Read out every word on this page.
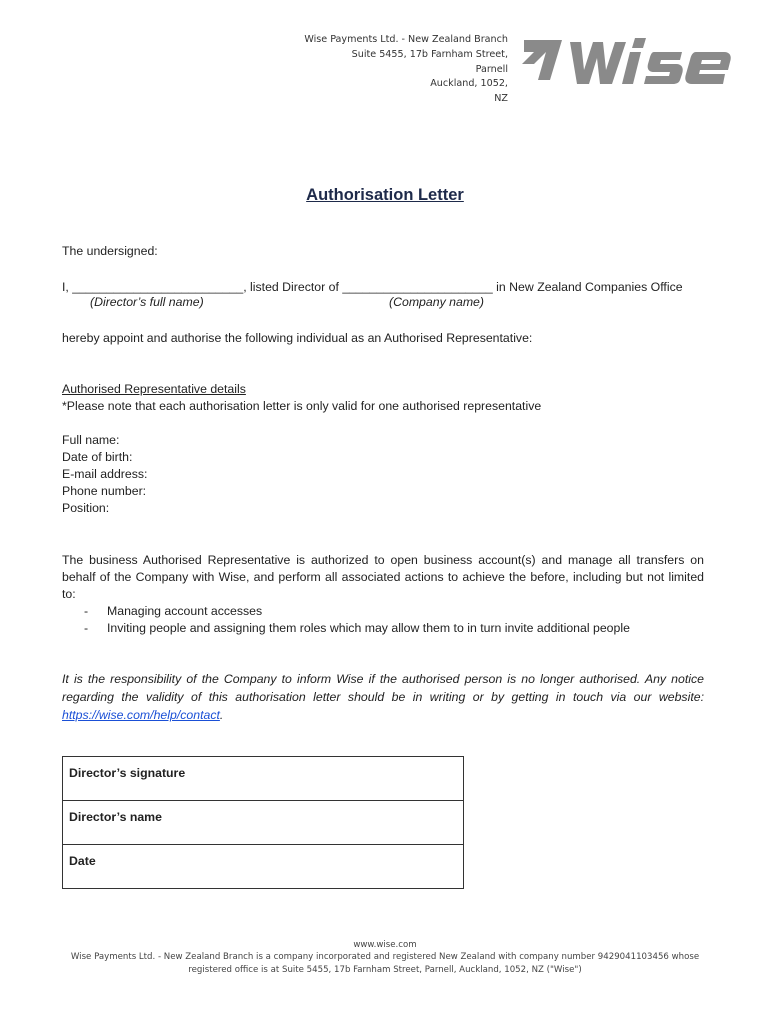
Wise Payments Ltd. - New Zealand Branch
Suite 5455, 17b Farnham Street,
Parnell
Auckland, 1052,
NZ
Authorisation Letter
The undersigned:
I, _________________________, listed Director of ______________________ in New Zealand Companies Office
(Director’s full name)	(Company name)
hereby appoint and authorise the following individual as an Authorised Representative:
Authorised Representative details
*Please note that each authorisation letter is only valid for one authorised representative
Full name:
Date of birth:
E-mail address:
Phone number:
Position:
The business Authorised Representative is authorized to open business account(s) and manage all transfers on behalf of the Company with Wise, and perform all associated actions to achieve the before, including but not limited to:
-	Managing account accesses
-	Inviting people and assigning them roles which may allow them to in turn invite additional people
It is the responsibility of the Company to inform Wise if the authorised person is no longer authorised. Any notice regarding the validity of this authorisation letter should be in writing or by getting in touch via our website: https://wise.com/help/contact.
Director’s signature
Director’s name
Date
www.wise.com
Wise Payments Ltd. - New Zealand Branch is a company incorporated and registered New Zealand with company number 9429041103456 whose
registered office is at Suite 5455, 17b Farnham Street, Parnell, Auckland, 1052, NZ ("Wise")
